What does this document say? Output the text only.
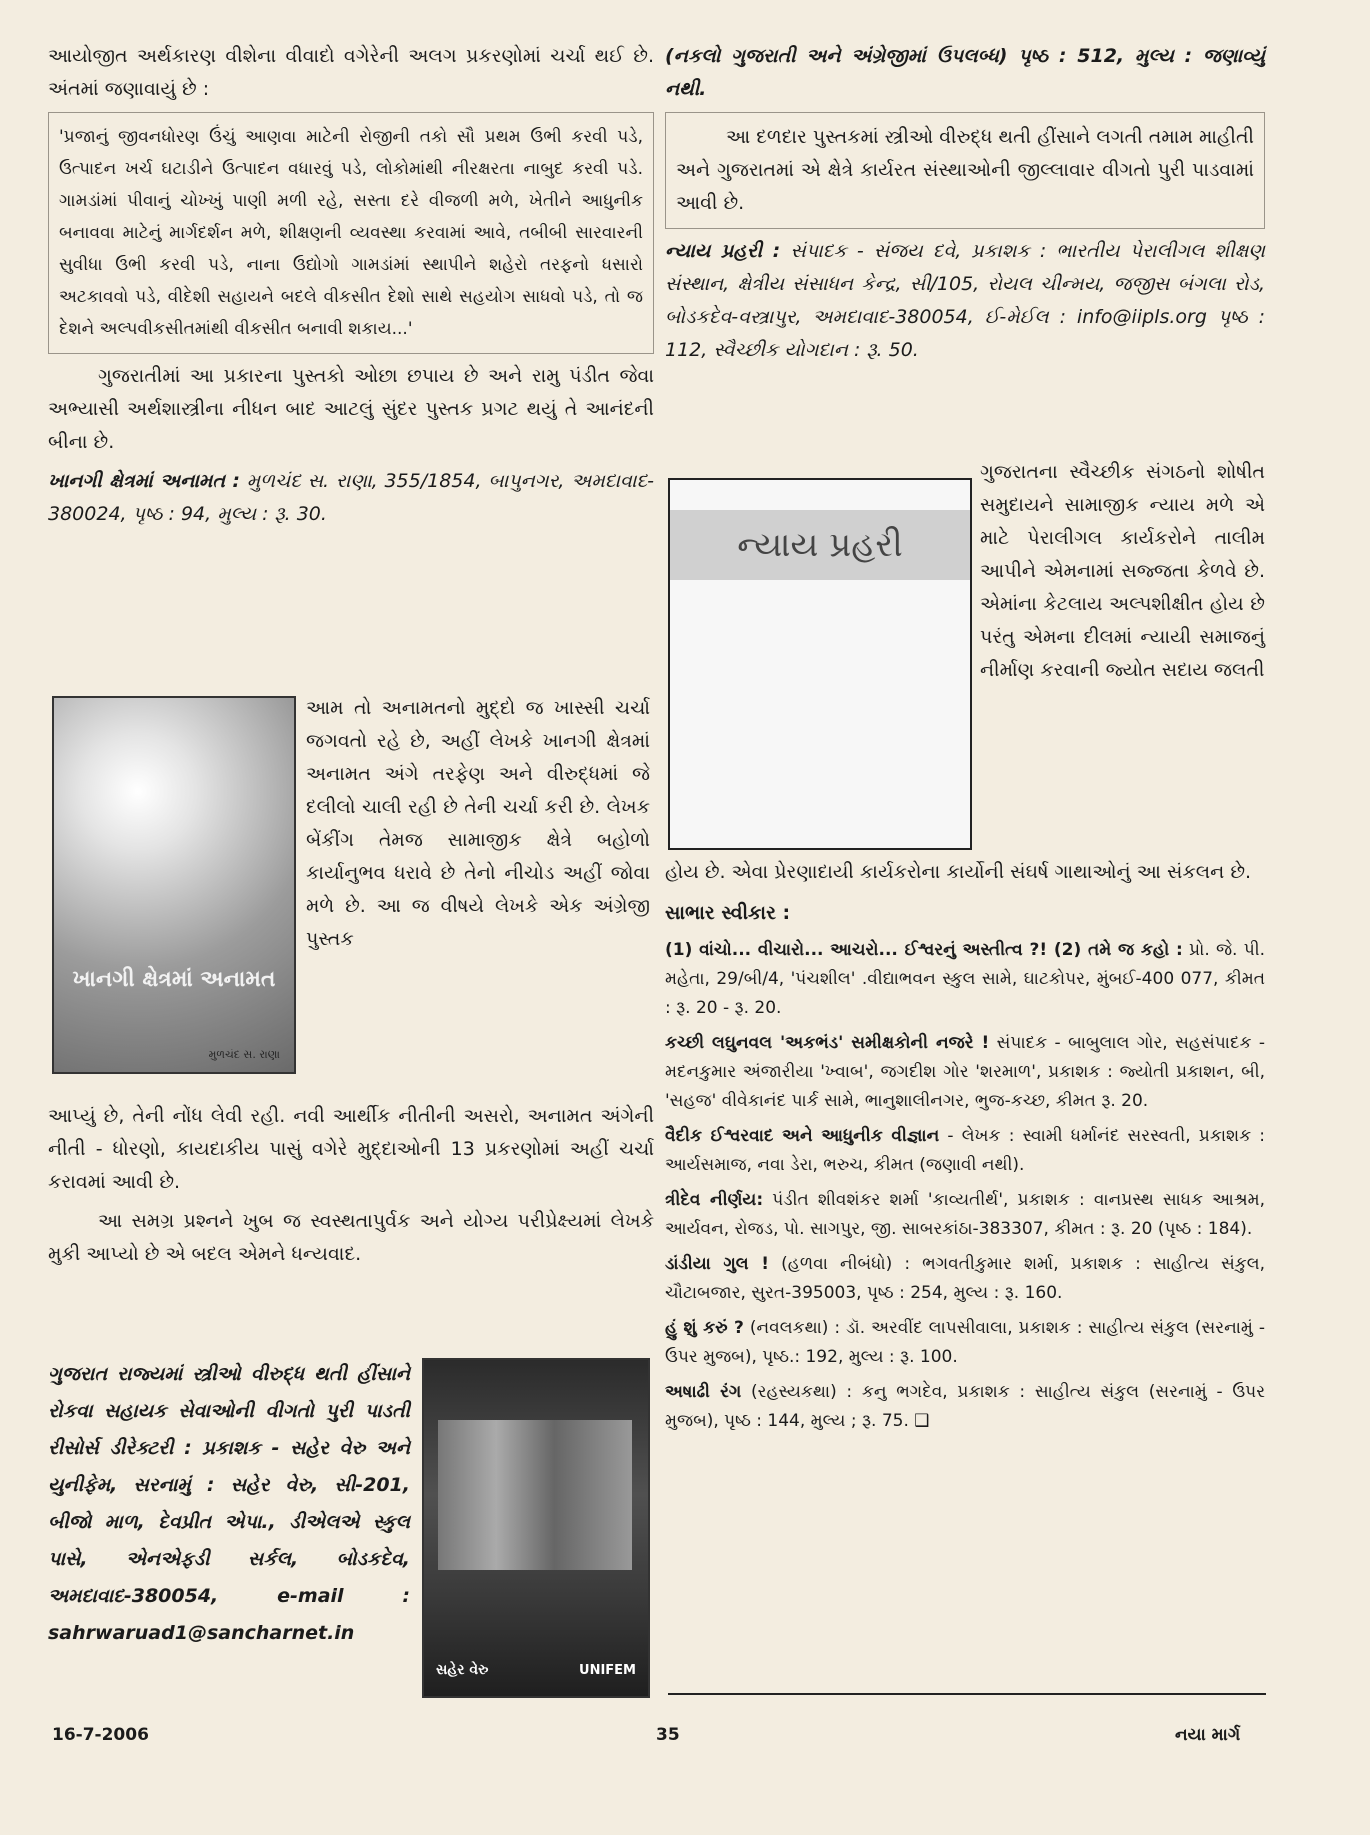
આયોજીત અર્થકારણ વીશેના વીવાદો વગેરેની અલગ પ્રકરણોમાં ચર્ચા થઈ છે. અંતમાં જણાવાયું છે :

'પ્રજાનું જીવનધોરણ ઉંચું આણવા માટેની રોજીની તકો સૌ પ્રથમ ઉભી કરવી પડે, ઉત્પાદન ખર્ચ ઘટાડીને ઉત્પાદન વધારવું પડે, લોકોમાંથી નીરક્ષરતા નાબુદ કરવી પડે. ગામડાંમાં પીવાનું ચોખ્ખું પાણી મળી રહે, સસ્તા દરે વીજળી મળે, ખેતીને આધુનીક બનાવવા માટેનું માર્ગદર્શન મળે, શીક્ષણની વ્યવસ્થા કરવામાં આવે, તબીબી સારવારની સુવીધા ઉભી કરવી પડે, નાના ઉદ્યોગો ગામડાંમાં સ્થાપીને શહેરો તરફનો ધસારો અટકાવવો પડે, વીદેશી સહાયને બદલે વીકસીત દેશો સાથે સહયોગ સાધવો પડે, તો જ દેશને અલ્પવીકસીતમાંથી વીકસીત બનાવી શકાય...'

ગુજરાતીમાં આ પ્રકારના પુસ્તકો ઓછા છપાય છે અને રામુ પંડીત જેવા અભ્યાસી અર્થશાસ્ત્રીના નીધન બાદ આટલું સુંદર પુસ્તક પ્રગટ થયું તે આનંદની બીના છે.

ખાનગી ક્ષેત્રમાં અનામત : મુળચંદ સ. રાણા, 355/1854, બાપુનગર, અમદાવાદ- 380024, પૃષ્ઠ : 94, મુલ્ય : રૂ. 30.

ખાનગી ક્ષેત્રમાં અનામત
મુળચંદ સ. રાણા
આમ તો અનામતનો મુદ્દો જ ખાસ્સી ચર્ચા જગવતો રહે છે, અહીં લેખકે ખાનગી ક્ષેત્રમાં અનામત અંગે તરફેણ અને વીરુદ્ધમાં જે દલીલો ચાલી રહી છે તેની ચર્ચા કરી છે. લેખક બેંકીંગ તેમજ સામાજીક ક્ષેત્રે બહોળો કાર્યાનુભવ ધરાવે છે તેનો નીચોડ અહીં જોવા મળે છે. આ જ વીષયે લેખકે એક અંગ્રેજી પુસ્તક

આપ્યું છે, તેની નોંધ લેવી રહી. નવી આર્થીક નીતીની અસરો, અનામત અંગેની નીતી - ધોરણો, કાયદાકીય પાસું વગેરે મુદ્દાઓની 13 પ્રકરણોમાં અહીં ચર્ચા કરાવમાં આવી છે.

આ સમગ્ર પ્રશ્નને ખુબ જ સ્વસ્થતાપુર્વક અને યોગ્ય પરીપ્રેક્ષ્યમાં લેખકે મુકી આપ્યો છે એ બદલ એમને ધન્યવાદ.

ગુજરાત રાજ્યમાં સ્ત્રીઓ વીરુદ્ધ થતી હીંસાને રોકવા સહાયક સેવાઓની વીગતો પુરી પાડતી રીસોર્સ ડીરેક્ટરી : પ્રકાશક - સહેર વેરુ અને યુનીફેમ, સરનામું : સહેર વેરુ, સી-201, બીજો માળ, દેવપ્રીત એપા., ડીએલએ સ્કુલ પાસે, એનએફડી સર્કલ, બોડકદેવ, અમદાવાદ-380054, e-mail : sahrwaruad1@sancharnet.in
સહેર વેરુ	UNIFEM

(નકલો ગુજરાતી અને અંગ્રેજીમાં ઉપલબ્ધ) પૃષ્ઠ : 512, મુલ્ય : જણાવ્યું નથી.

આ દળદાર પુસ્તકમાં સ્ત્રીઓ વીરુદ્ધ થતી હીંસાને લગતી તમામ માહીતી અને ગુજરાતમાં એ ક્ષેત્રે કાર્યરત સંસ્થાઓની જીલ્લાવાર વીગતો પુરી પાડવામાં આવી છે.

ન્યાય પ્રહરી : સંપાદક - સંજય દવે, પ્રકાશક : ભારતીય પેરાલીગલ શીક્ષણ સંસ્થાન, ક્ષેત્રીય સંસાધન કેન્દ્ર, સી/105, રોયલ ચીન્મય, જજીસ બંગલા રોડ, બોડકદેવ-વસ્ત્રાપુર, અમદાવાદ-380054, ઈ-મેઈલ : info@iipls.org પૃષ્ઠ : 112, સ્વૈચ્છીક યોગદાન : રૂ. 50.

ન્યાય પ્રહરી
ગુજરાતના સ્વૈચ્છીક સંગઠનો શોષીત સમુદાયને સામાજીક ન્યાય મળે એ માટે પેરાલીગલ કાર્યકરોને તાલીમ આપીને એમનામાં સજ્જતા કેળવે છે. એમાંના કેટલાય અલ્પશીક્ષીત હોય છે પરંતુ એમના દીલમાં ન્યાયી સમાજનું નીર્માણ કરવાની જ્યોત સદાય જલતી

હોય છે. એવા પ્રેરણાદાયી કાર્યકરોના કાર્યોની સંઘર્ષ ગાથાઓનું આ સંકલન છે.

સાભાર સ્વીકાર :

(1) વાંચો... વીચારો... આચરો... ઈશ્વરનું અસ્તીત્વ ?! (2) તમે જ કહો : પ્રો. જે. પી. મહેતા, 29/બી/4, 'પંચશીલ' .વીદ્યાભવન સ્કુલ સામે, ઘાટકોપર, મુંબઈ-400 077, કીમત : રૂ. 20 - રૂ. 20.

કચ્છી લઘુનવલ 'અકભંડ' સમીક્ષકોની નજરે ! સંપાદક - બાબુલાલ ગોર, સહસંપાદક - મદનકુમાર અંજારીયા 'ખ્વાબ', જગદીશ ગોર 'શરમાળ', પ્રકાશક : જ્યોતી પ્રકાશન, બી, 'સહજ' વીવેકાનંદ પાર્ક સામે, ભાનુશાલીનગર, ભુજ-કચ્છ, કીમત રૂ. 20.

વૈદીક ઈશ્વરવાદ અને આધુનીક વીજ્ઞાન - લેખક : સ્વામી ધર્માનંદ સરસ્વતી, પ્રકાશક : આર્યસમાજ, નવા ડેરા, ભરુચ, કીમત (જણાવી નથી).

ત્રીદેવ નીર્ણય: પંડીત શીવશંકર શર્મા 'કાવ્યતીર્થ', પ્રકાશક : વાનપ્રસ્થ સાધક આશ્રમ, આર્યવન, રોજડ, પો. સાગપુર, જી. સાબરકાંઠા-383307, કીમત : રૂ. 20 (પૃષ્ઠ : 184).

ડાંડીયા ગુલ ! (હળવા નીબંધો) : ભગવતીકુમાર શર્મા, પ્રકાશક : સાહીત્ય સંકુલ, ચૌટાબજાર, સુરત-395003, પૃષ્ઠ : 254, મુલ્ય : રૂ. 160.

હું શું કરું ? (નવલકથા) : ડૉ. અરવીંદ લાપસીવાલા, પ્રકાશક : સાહીત્ય સંકુલ (સરનામું - ઉપર મુજબ), પૃષ્ઠ.: 192, મુલ્ય : રૂ. 100.

અષાઢી રંગ (રહસ્યકથા) : કનુ ભગદેવ, પ્રકાશક : સાહીત્ય સંકુલ (સરનામું - ઉપર મુજબ), પૃષ્ઠ : 144, મુલ્ય ; રૂ. 75. ❑

16-7-2006	35	નયા માર્ગ
